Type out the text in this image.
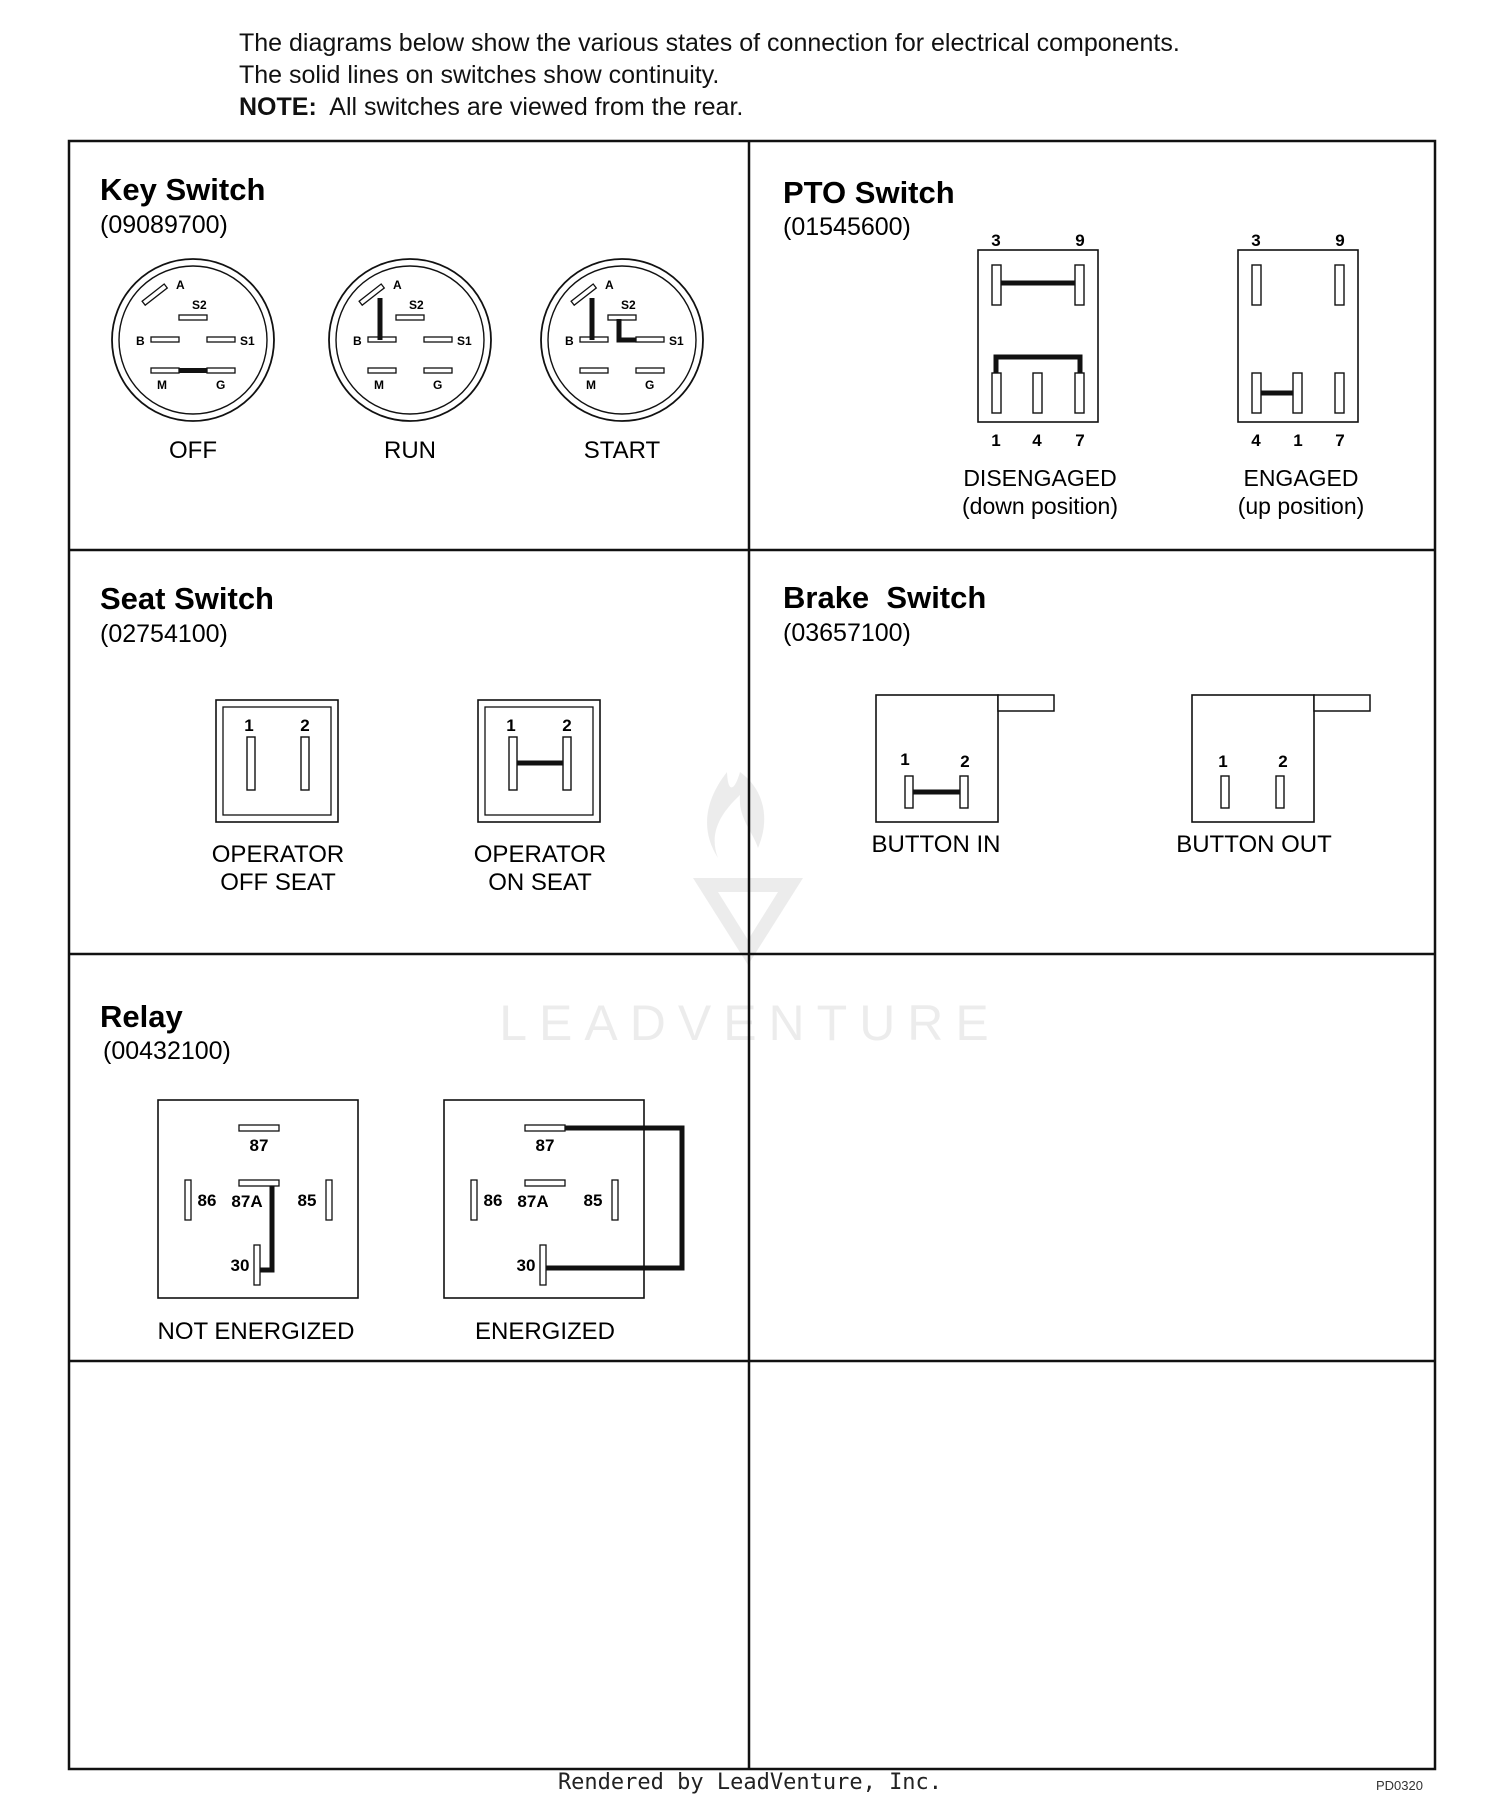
The diagrams below show the various states of connection for electrical components.
The solid lines on switches show continuity.
NOTE: All switches are viewed from the rear.
LEADVENTURE
Key Switch
(09089700)
A
S2
B	S1
M	G
OFF
A
S2
B	S1
M	G
RUN
A
S2
B	S1
M	G
START
PTO Switch
(01545600)	3	9
1 4 7
DISENGAGED
(down position)
3	9
4 1 7
ENGAGED
(up position)
Seat Switch
(02754100)
1	2
OPERATOR
OFF SEAT
1	2
OPERATOR
ON SEAT
Brake  Switch
(03657100)
1	2
BUTTON IN
1	2
BUTTON OUT
Relay
(00432100)
87
86 87A 85
30
NOT ENERGIZED
87
86 87A 85
30
ENERGIZED
Rendered by LeadVenture, Inc.	PD0320
